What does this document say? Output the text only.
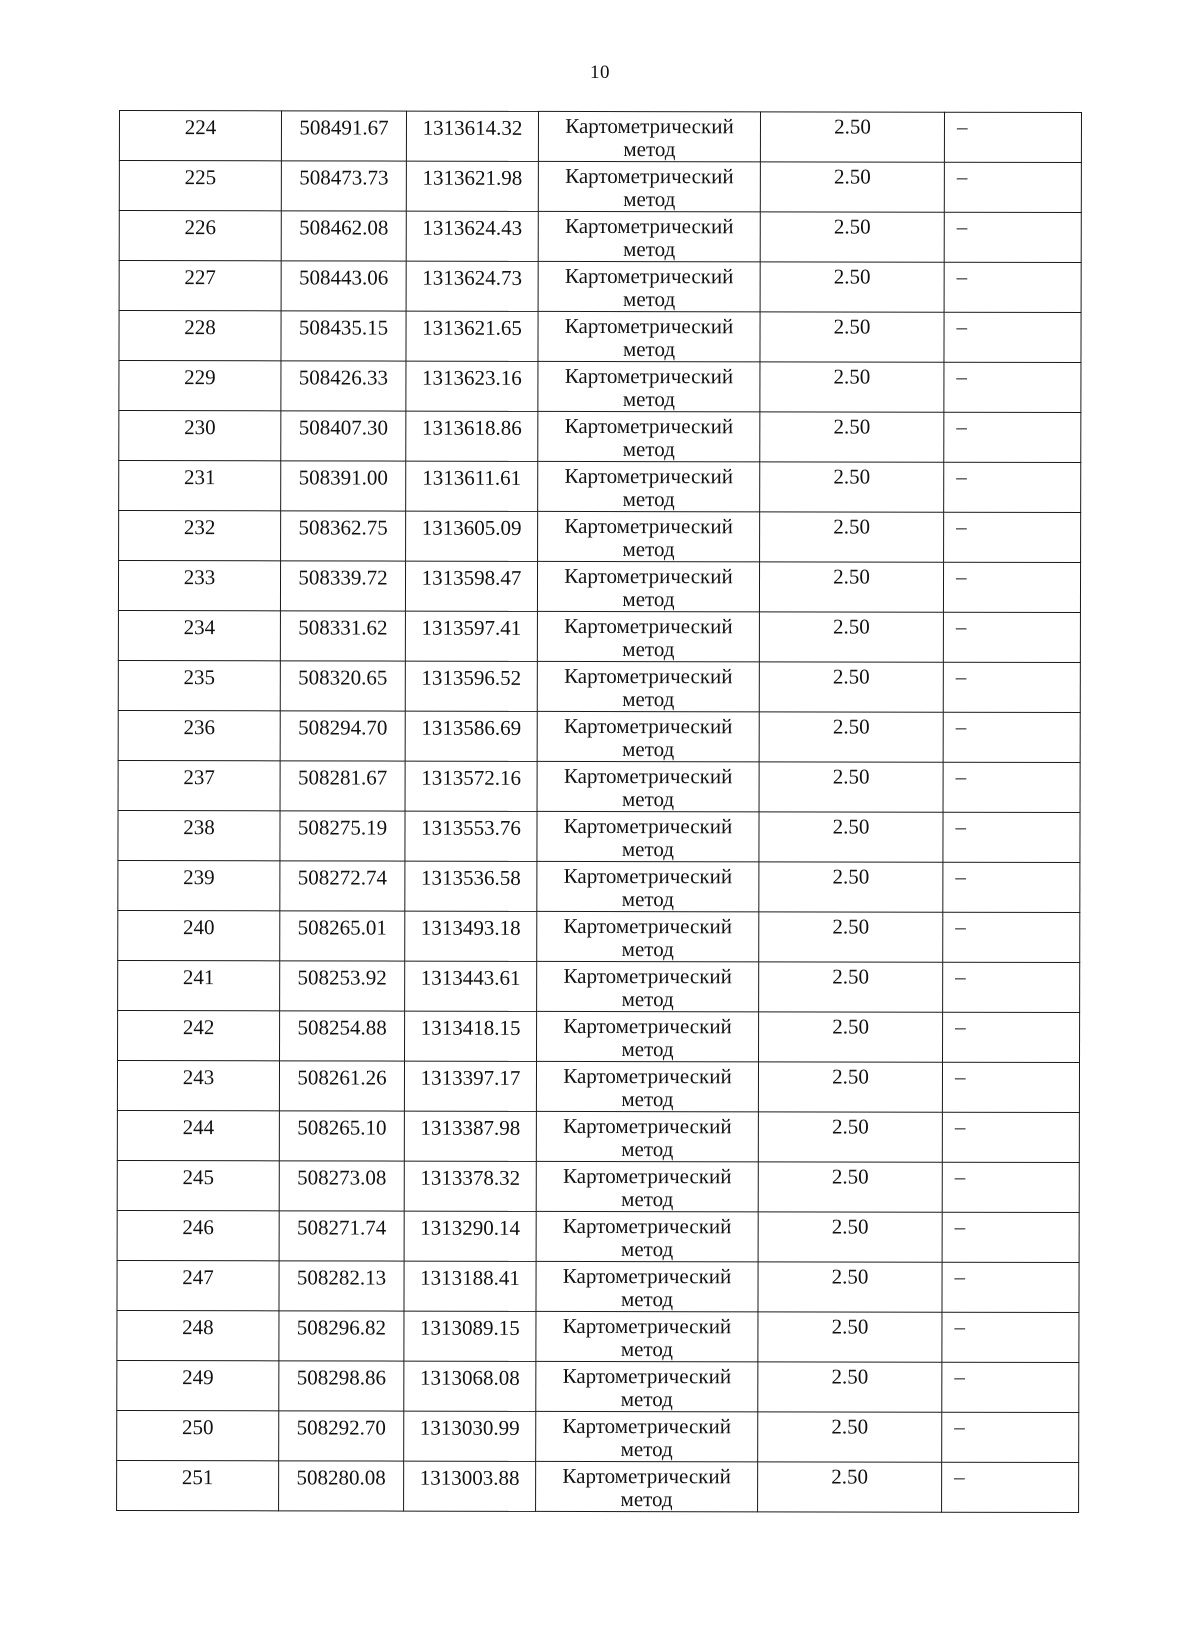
10
224	508491.67	1313614.32	Картометрический метод	2.50	–
225	508473.73	1313621.98	Картометрический метод	2.50	–
226	508462.08	1313624.43	Картометрический метод	2.50	–
227	508443.06	1313624.73	Картометрический метод	2.50	–
228	508435.15	1313621.65	Картометрический метод	2.50	–
229	508426.33	1313623.16	Картометрический метод	2.50	–
230	508407.30	1313618.86	Картометрический метод	2.50	–
231	508391.00	1313611.61	Картометрический метод	2.50	–
232	508362.75	1313605.09	Картометрический метод	2.50	–
233	508339.72	1313598.47	Картометрический метод	2.50	–
234	508331.62	1313597.41	Картометрический метод	2.50	–
235	508320.65	1313596.52	Картометрический метод	2.50	–
236	508294.70	1313586.69	Картометрический метод	2.50	–
237	508281.67	1313572.16	Картометрический метод	2.50	–
238	508275.19	1313553.76	Картометрический метод	2.50	–
239	508272.74	1313536.58	Картометрический метод	2.50	–
240	508265.01	1313493.18	Картометрический метод	2.50	–
241	508253.92	1313443.61	Картометрический метод	2.50	–
242	508254.88	1313418.15	Картометрический метод	2.50	–
243	508261.26	1313397.17	Картометрический метод	2.50	–
244	508265.10	1313387.98	Картометрический метод	2.50	–
245	508273.08	1313378.32	Картометрический метод	2.50	–
246	508271.74	1313290.14	Картометрический метод	2.50	–
247	508282.13	1313188.41	Картометрический метод	2.50	–
248	508296.82	1313089.15	Картометрический метод	2.50	–
249	508298.86	1313068.08	Картометрический метод	2.50	–
250	508292.70	1313030.99	Картометрический метод	2.50	–
251	508280.08	1313003.88	Картометрический метод	2.50	–
